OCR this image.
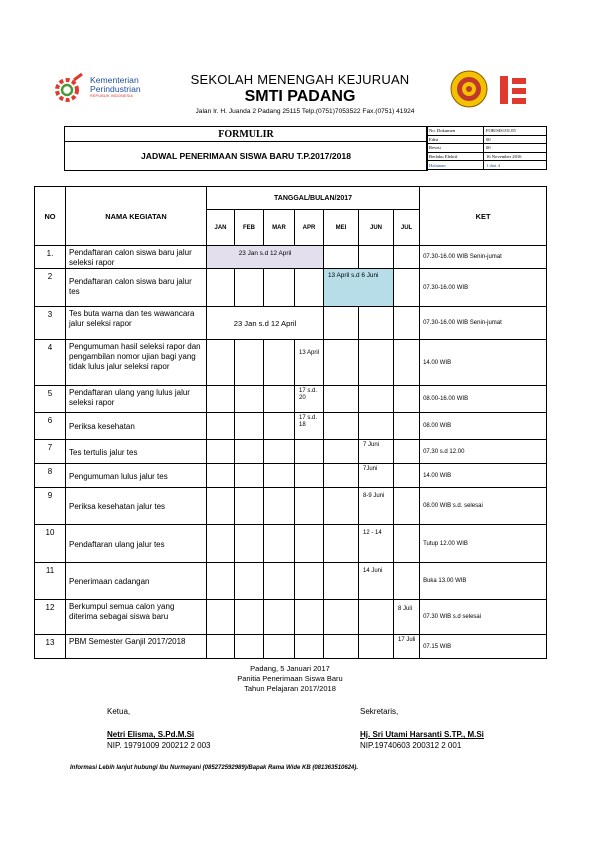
Kementerian
Perindustrian
REPUBLIK INDONESIA
SEKOLAH MENENGAH KEJURUAN
SMTI PADANG
Jalan Ir. H. Juanda 2 Padang 25115 Telp.(0751)7053522 Fax.(0751) 41924
FORMULIR
JADWAL PENERIMAAN SISWA BARU T.P.2017/2018
No. Dokumen	FOR/SIS//01.05
Edisi	00
Revisi	00
Berlaku Efektif	16 November 2016
Halaman	1 dari 4
NO	NAMA KEGIATAN	TANGGAL/BULAN/2017							KET
		JAN	FEB	MAR	APR	MEI	JUN	JUL	
1.	Pendaftaran calon siswa baru jalur seleksi rapor	23 Jan s.d 12 April							07.30-16.00 WIB Senin-jumat
2	Pendaftaran calon siswa baru jalur tes					13 April s.d 6 Juni			07.30-16.00 WIB
3	Tes buta warna dan tes wawancara jalur seleksi rapor	23 Jan s.d 12 April							07.30-16.00 WIB Senin-jumat
4	Pengumuman hasil seleksi rapor dan pengambilan nomor ujian bagi yang tidak lulus jalur seleksi rapor				13 April				14.00 WIB
5	Pendaftaran ulang yang lulus jalur seleksi rapor				17 s.d. 20				08.00-16.00 WIB
6	Periksa kesehatan				17 s.d. 18				08.00 WIB
7	Tes tertulis jalur tes						7 Juni		07.30 s.d 12.00
8	Pengumuman lulus jalur tes						7Juni		14.00 WIB
9	Periksa kesehatan jalur tes						8-9 Juni		08.00 WIB s.d. selesai
10	Pendaftaran ulang jalur tes						12 - 14		Tutup 12.00 WIB
11	Penerimaan cadangan						14 Juni		Buka 13.00 WIB
12	Berkumpul semua calon yang diterima sebagai siswa baru							8 Juli	07.30 WIB s.d selesai
13	PBM Semester Ganjil 2017/2018							17 Juli	07.15 WIB
Padang, 5 Januari 2017
Panitia Penerimaan Siswa Baru
Tahun Pelajaran 2017/2018
Ketua,
Netri Elisma, S.Pd.M.Si
NIP. 19791009 200212 2 003
Sekretaris,
Hj. Sri Utami Harsanti S.TP., M.Si
NIP.19740603 200312 2 001
Informasi Lebih lanjut hubungi Ibu Nurmayani (085272592989)/Bapak Rama Wide KB (081363510624).
